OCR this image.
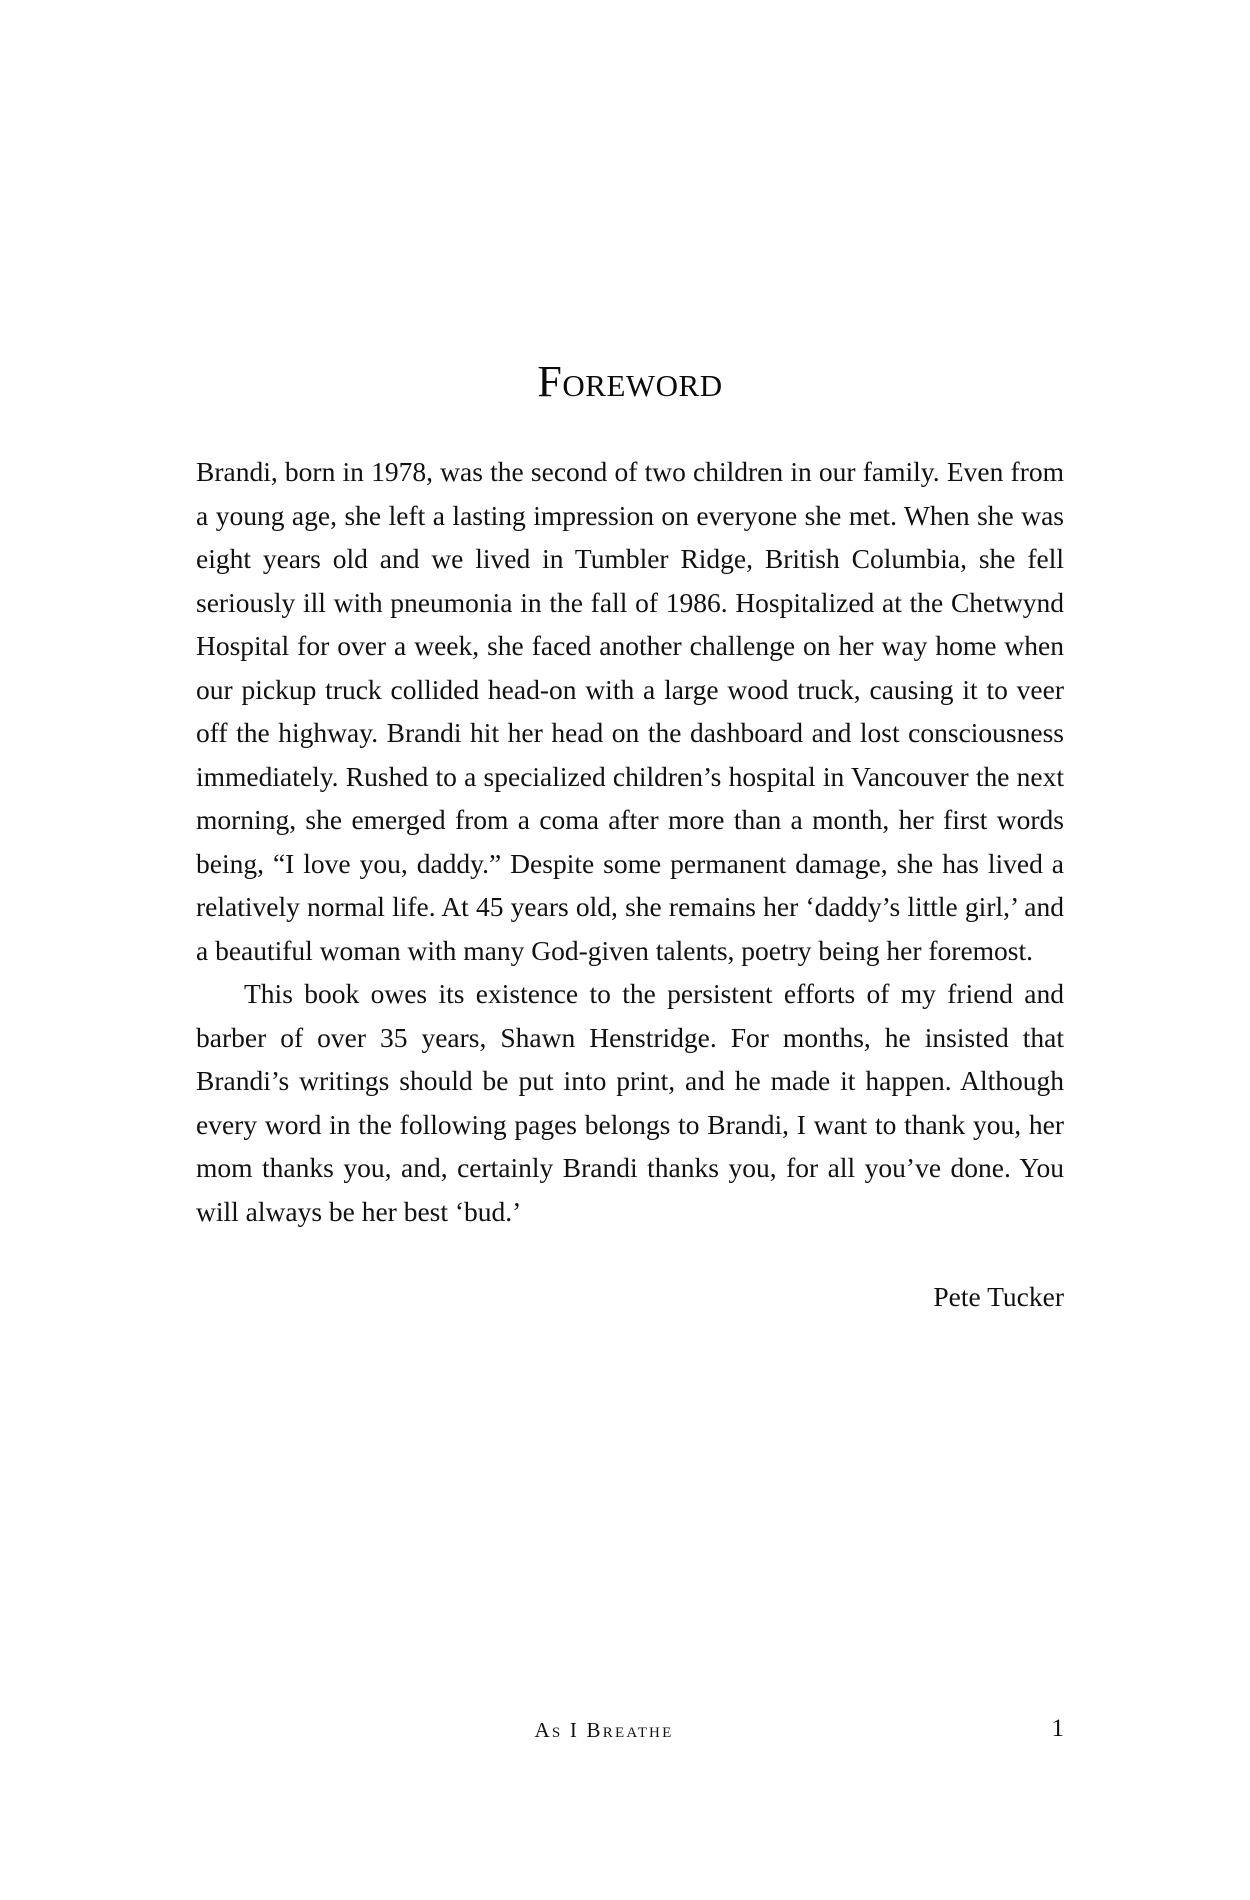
Foreword

Brandi, born in 1978, was the second of two children in our family. Even from a young age, she left a lasting impression on everyone she met. When she was eight years old and we lived in Tumbler Ridge, British Columbia, she fell seriously ill with pneumonia in the fall of 1986. Hospitalized at the Chetwynd Hospital for over a week, she faced another challenge on her way home when our pickup truck collided head-on with a large wood truck, causing it to veer off the highway. Brandi hit her head on the dashboard and lost consciousness immediately. Rushed to a specialized children’s hospital in Vancouver the next morning, she emerged from a coma after more than a month, her first words being, “I love you, daddy.” Despite some permanent damage, she has lived a relatively normal life. At 45 years old, she remains her ‘daddy’s little girl,’ and a beautiful woman with many God-given talents, poetry being her foremost.

This book owes its existence to the persistent efforts of my friend and barber of over 35 years, Shawn Henstridge. For months, he insisted that Brandi’s writings should be put into print, and he made it happen. Although every word in the following pages belongs to Brandi, I want to thank you, her mom thanks you, and, certainly Brandi thanks you, for all you’ve done. You will always be her best ‘bud.’

Pete Tucker

As I Breathe	1
